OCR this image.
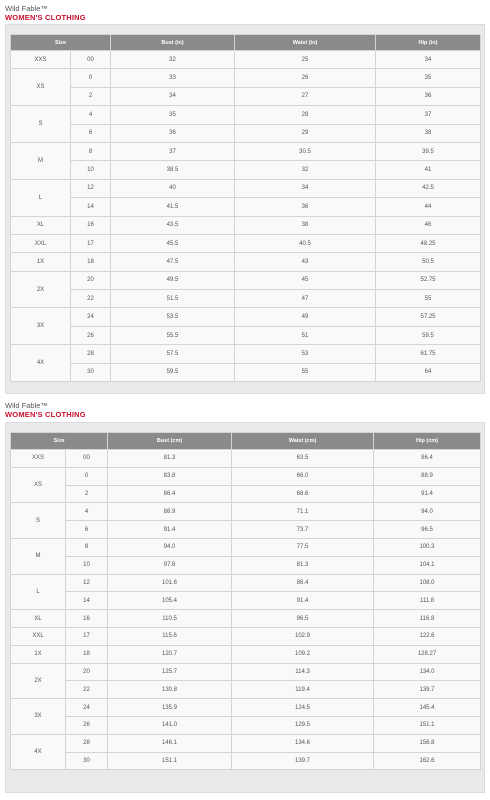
Wild Fable™
WOMEN'S CLOTHING
Size		Bust (in)	Waist (in)	Hip (in)
XXS	00	32	25	34
XS	0	33	26	35
	2	34	27	36
S	4	35	28	37
	6	36	29	38
M	8	37	30.5	39.5
	10	38.5	32	41
L	12	40	34	42.5
	14	41.5	36	44
XL	16	43.5	38	46
XXL	17	45.5	40.5	48.25
1X	18	47.5	43	50.5
2X	20	49.5	45	52.75
	22	51.5	47	55
3X	24	53.5	49	57.25
	26	55.5	51	59.5
4X	28	57.5	53	61.75
	30	59.5	55	64
Wild Fable™
WOMEN'S CLOTHING
Size		Bust (cm)	Waist (cm)	Hip (cm)
XXS	00	81.3	63.5	86.4
XS	0	83.8	66.0	88.9
	2	86.4	68.6	91.4
S	4	88.9	71.1	94.0
	6	91.4	73.7	96.5
M	8	94.0	77.5	100.3
	10	97.8	81.3	104.1
L	12	101.6	86.4	108.0
	14	105.4	91.4	111.8
XL	16	110.5	96.5	116.8
XXL	17	115.6	102.9	122.6
1X	18	120.7	109.2	128.27
2X	20	125.7	114.3	134.0
	22	130.8	119.4	139.7
3X	24	135.9	124.5	145.4
	26	141.0	129.5	151.1
4X	28	146.1	134.6	156.8
	30	151.1	139.7	162.6
